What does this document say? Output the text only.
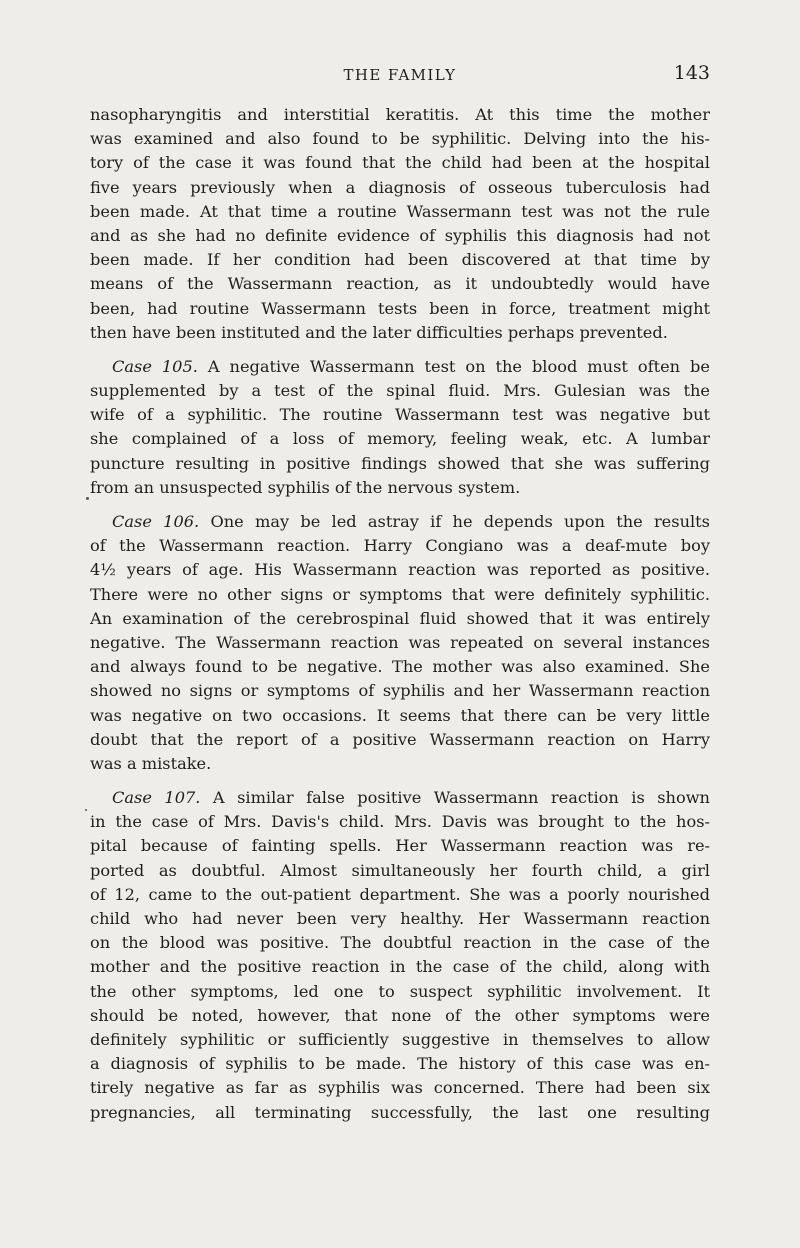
THE FAMILY	143
nasopharyngitis and interstitial keratitis. At this time the mother
was examined and also found to be syphilitic. Delving into the his-
tory of the case it was found that the child had been at the hospital
five years previously when a diagnosis of osseous tuberculosis had
been made. At that time a routine Wassermann test was not the rule
and as she had no definite evidence of syphilis this diagnosis had not
been made. If her condition had been discovered at that time by
means of the Wassermann reaction, as it undoubtedly would have
been, had routine Wassermann tests been in force, treatment might
then have been instituted and the later difficulties perhaps prevented.
Case 105. A negative Wassermann test on the blood must often be
supplemented by a test of the spinal fluid. Mrs. Gulesian was the
wife of a syphilitic. The routine Wassermann test was negative but
she complained of a loss of memory, feeling weak, etc. A lumbar
puncture resulting in positive findings showed that she was suffering
from an unsuspected syphilis of the nervous system.
Case 106. One may be led astray if he depends upon the results
of the Wassermann reaction. Harry Congiano was a deaf-mute boy
4½ years of age. His Wassermann reaction was reported as positive.
There were no other signs or symptoms that were definitely syphilitic.
An examination of the cerebrospinal fluid showed that it was entirely
negative. The Wassermann reaction was repeated on several instances
and always found to be negative. The mother was also examined. She
showed no signs or symptoms of syphilis and her Wassermann reaction
was negative on two occasions. It seems that there can be very little
doubt that the report of a positive Wassermann reaction on Harry
was a mistake.
Case 107. A similar false positive Wassermann reaction is shown
in the case of Mrs. Davis's child. Mrs. Davis was brought to the hos-
pital because of fainting spells. Her Wassermann reaction was re-
ported as doubtful. Almost simultaneously her fourth child, a girl
of 12, came to the out-patient department. She was a poorly nourished
child who had never been very healthy. Her Wassermann reaction
on the blood was positive. The doubtful reaction in the case of the
mother and the positive reaction in the case of the child, along with
the other symptoms, led one to suspect syphilitic involvement. It
should be noted, however, that none of the other symptoms were
definitely syphilitic or sufficiently suggestive in themselves to allow
a diagnosis of syphilis to be made. The history of this case was en-
tirely negative as far as syphilis was concerned. There had been six
pregnancies, all terminating successfully, the last one resulting
